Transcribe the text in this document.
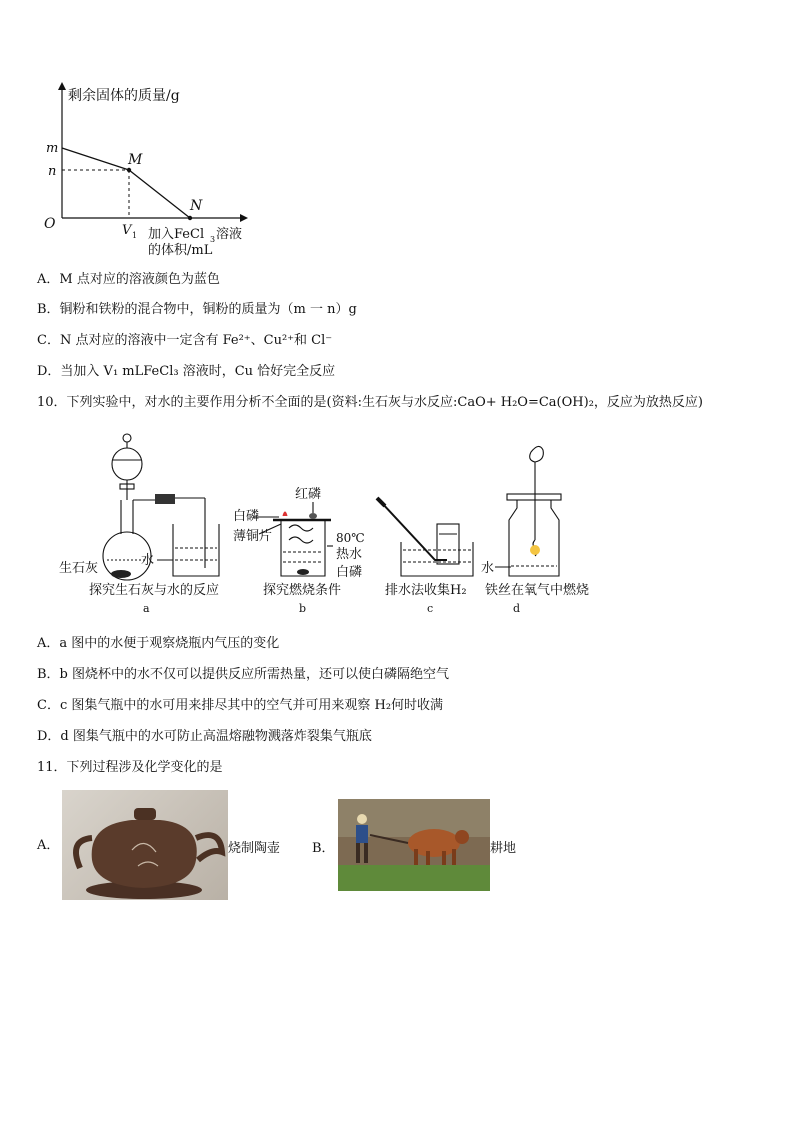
剩余固体的质量/g
m
n
O
M
N
V 1 加入FeCl 3 溶液
的体积/mL
A．M 点对应的溶液颜色为蓝色
B．铜粉和铁粉的混合物中，铜粉的质量为（m 一 n）g
C．N 点对应的溶液中一定含有 Fe²⁺、Cu²⁺和 Cl⁻
D．当加入 V₁ mLFeCl₃ 溶液时，Cu 恰好完全反应
10．下列实验中，对水的主要作用分析不全面的是(资料:生石灰与水反应:CaO+ H₂O=Ca(OH)₂，反应为放热反应)
生石灰
水
探究生石灰与水的反应
a
红磷
白磷
薄铜片	80℃
热水
白磷
探究燃烧条件
b
排水法收集H₂
c
水
铁丝在氧气中燃烧
d
A．a 图中的水便于观察烧瓶内气压的变化
B．b 图烧杯中的水不仅可以提供反应所需热量，还可以使白磷隔绝空气
C．c 图集气瓶中的水可用来排尽其中的空气并可用来观察 H₂何时收满
D．d 图集气瓶中的水可防止高温熔融物溅落炸裂集气瓶底
11．下列过程涉及化学变化的是
A．	烧制陶壶 B．	耕地
